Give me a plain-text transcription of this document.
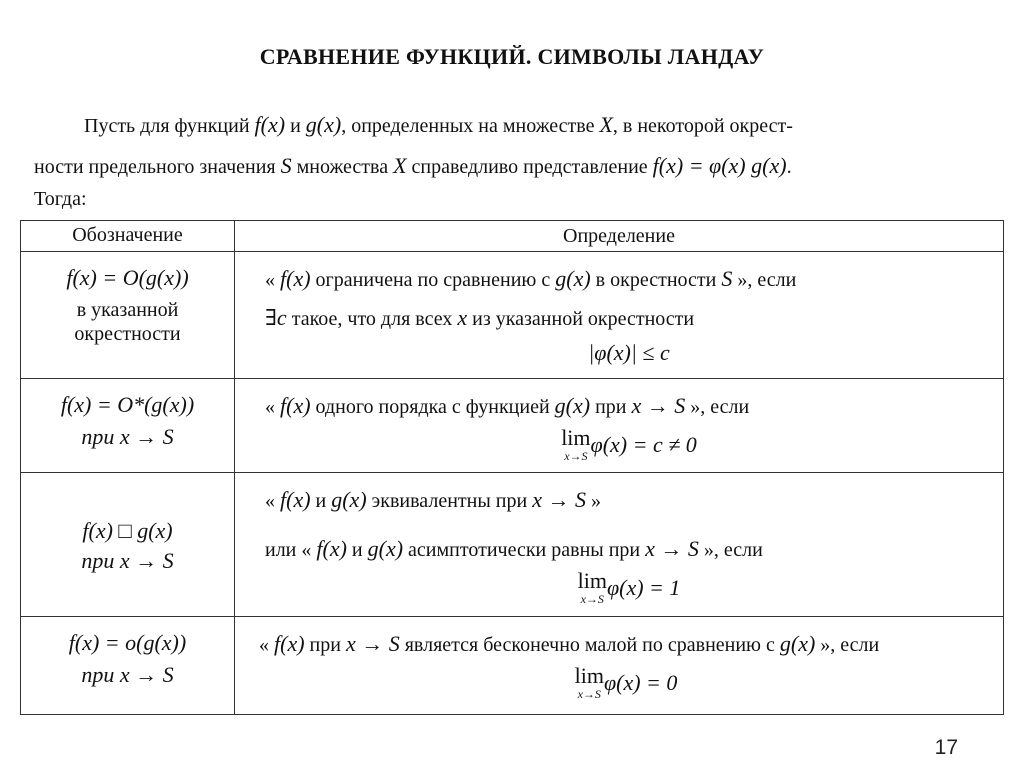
СРАВНЕНИЕ ФУНКЦИЙ. СИМВОЛЫ ЛАНДАУ
Пусть для функций f(x) и g(x), определенных на множестве X, в некоторой окрест-
ности предельного значения S множества X справедливо представление f(x) = φ(x) g(x).
Тогда:
Обозначение	Определение

f(x) = O(g(x))
в указанной
окрестности	« f(x) ограничена по сравнению с g(x) в окрестности S », если
∃c такое, что для всех x из указанной окрестности
|φ(x)| ≤ c

f(x) = O*(g(x))
при x → S	« f(x) одного порядка с функцией g(x) при x → S », если
lim
x→S φ(x) = c ≠ 0

f(x) □ g(x)
при x → S	« f(x) и g(x) эквивалентны при x → S »
или « f(x) и g(x) асимптотически равны при x → S », если
lim
x→S φ(x) = 1

f(x) = o(g(x))
при x → S	« f(x) при x → S является бесконечно малой по сравнению с g(x) », если
lim
x→S φ(x) = 0
17
